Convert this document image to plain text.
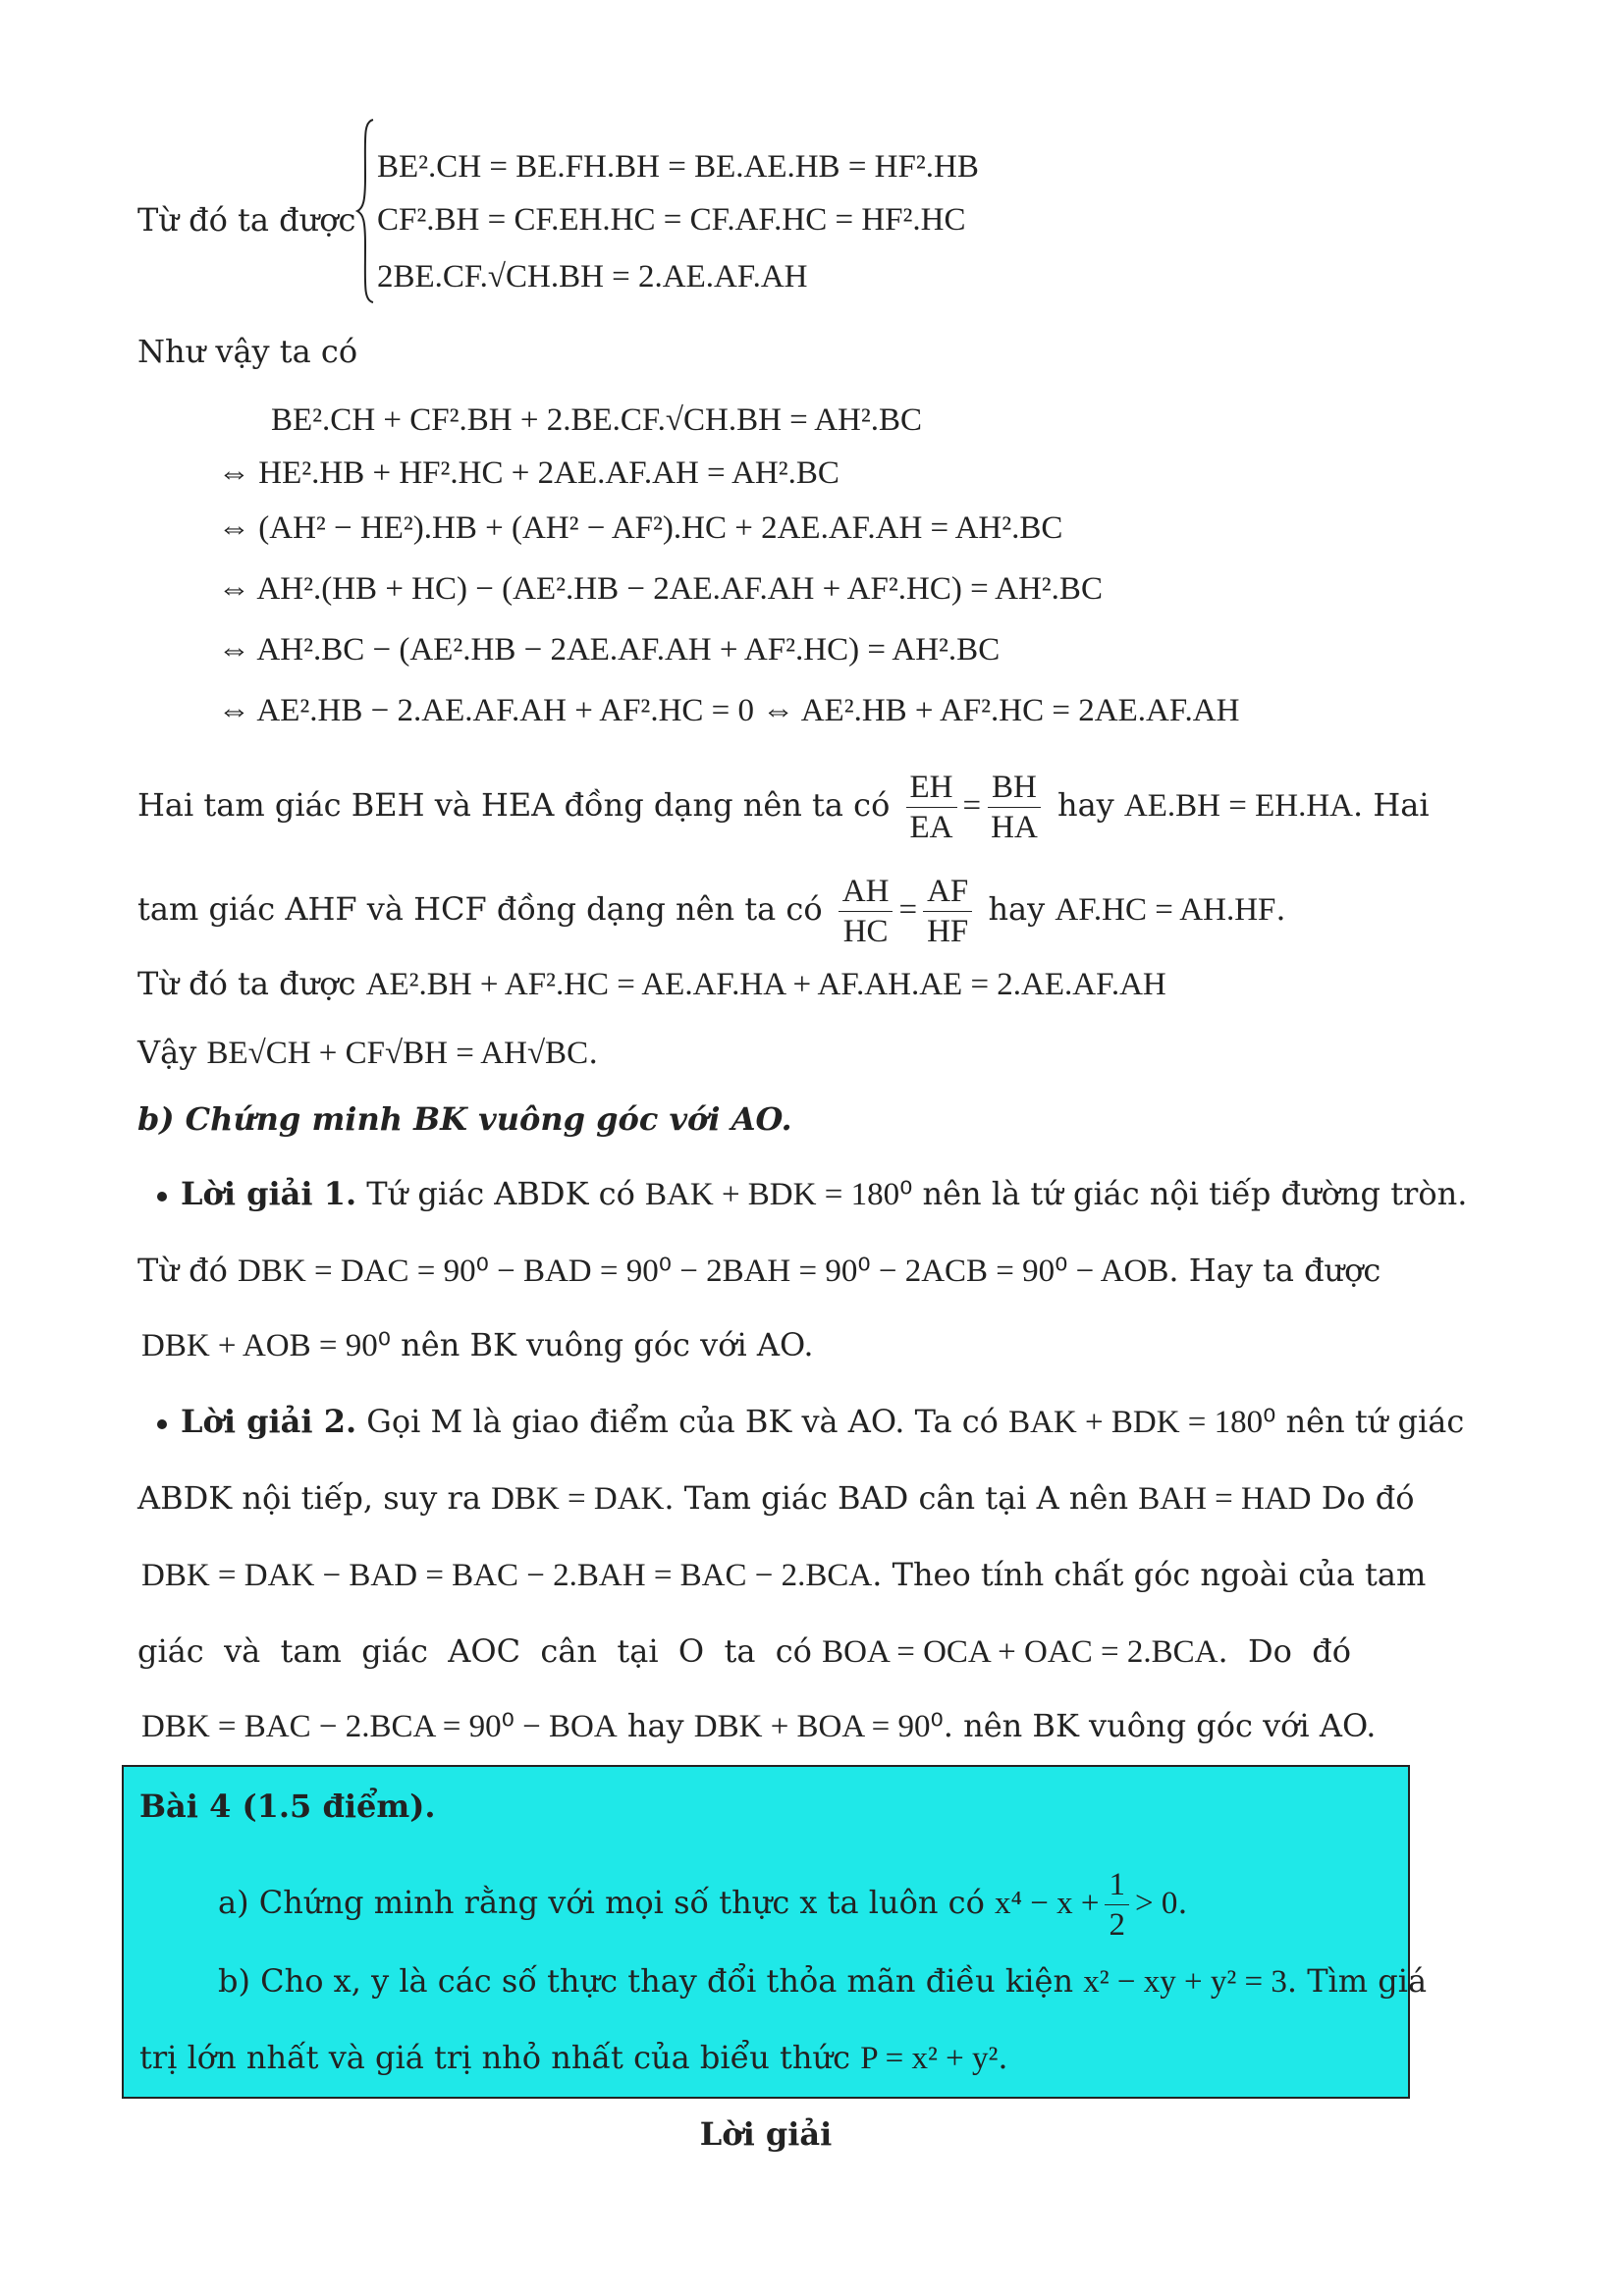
Từ đó ta được
BE².CH = BE.FH.BH = BE.AE.HB = HF².HB
CF².BH = CF.EH.HC = CF.AF.HC = HF².HC
2BE.CF.√CH.BH = 2.AE.AF.AH
Như vậy ta có
BE².CH + CF².BH + 2.BE.CF.√CH.BH = AH².BC
⇔ HE².HB + HF².HC + 2AE.AF.AH = AH².BC
⇔ (AH² − HE²).HB + (AH² − AF²).HC + 2AE.AF.AH = AH².BC
⇔ AH².(HB + HC) − (AE².HB − 2AE.AF.AH + AF².HC) = AH².BC
⇔ AH².BC − (AE².HB − 2AE.AF.AH + AF².HC) = AH².BC
⇔ AE².HB − 2.AE.AF.AH + AF².HC = 0 ⇔ AE².HB + AF².HC = 2AE.AF.AH
Hai tam giác BEH và HEA đồng dạng nên ta có $\frac{EH}{EA} = \frac{BH}{HA}$ hay AE.BH = EH.HA. Hai
tam giác AHF và HCF đồng dạng nên ta có $\frac{AH}{HC} = \frac{AF}{HF}$ hay AF.HC = AH.HF.
Từ đó ta được AE².BH + AF².HC = AE.AF.HA + AF.AH.AE = 2.AE.AF.AH
Vậy BE√CH + CF√BH = AH√BC.
b) Chứng minh BK vuông góc với AO.
Lời giải 1. Tứ giác ABDK có BAK + BDK = 180⁰ nên là tứ giác nội tiếp đường tròn.
Từ đó DBK = DAC = 90⁰ − BAD = 90⁰ − 2BAH = 90⁰ − 2ACB = 90⁰ − AOB. Hay ta được
DBK + AOB = 90⁰ nên BK vuông góc với AO.
Lời giải 2. Gọi M là giao điểm của BK và AO. Ta có BAK + BDK = 180⁰ nên tứ giác
ABDK nội tiếp, suy ra DBK = DAK. Tam giác BAD cân tại A nên BAH = HAD Do đó
DBK = DAK − BAD = BAC − 2.BAH = BAC − 2.BCA. Theo tính chất góc ngoài của tam
giác  và  tam  giác  AOC  cân  tại  O  ta  có BOA = OCA + OAC = 2.BCA.  Do  đó
DBK = BAC − 2.BCA = 90⁰ − BOA hay DBK + BOA = 90⁰. nên BK vuông góc với AO.
Bài 4 (1.5 điểm).
a) Chứng minh rằng với mọi số thực x ta luôn có $x^4 - x + \frac{1}{2} > 0$.
b) Cho x, y là các số thực thay đổi thỏa mãn điều kiện x² − xy + y² = 3. Tìm giá
trị lớn nhất và giá trị nhỏ nhất của biểu thức P = x² + y².
Lời giải
